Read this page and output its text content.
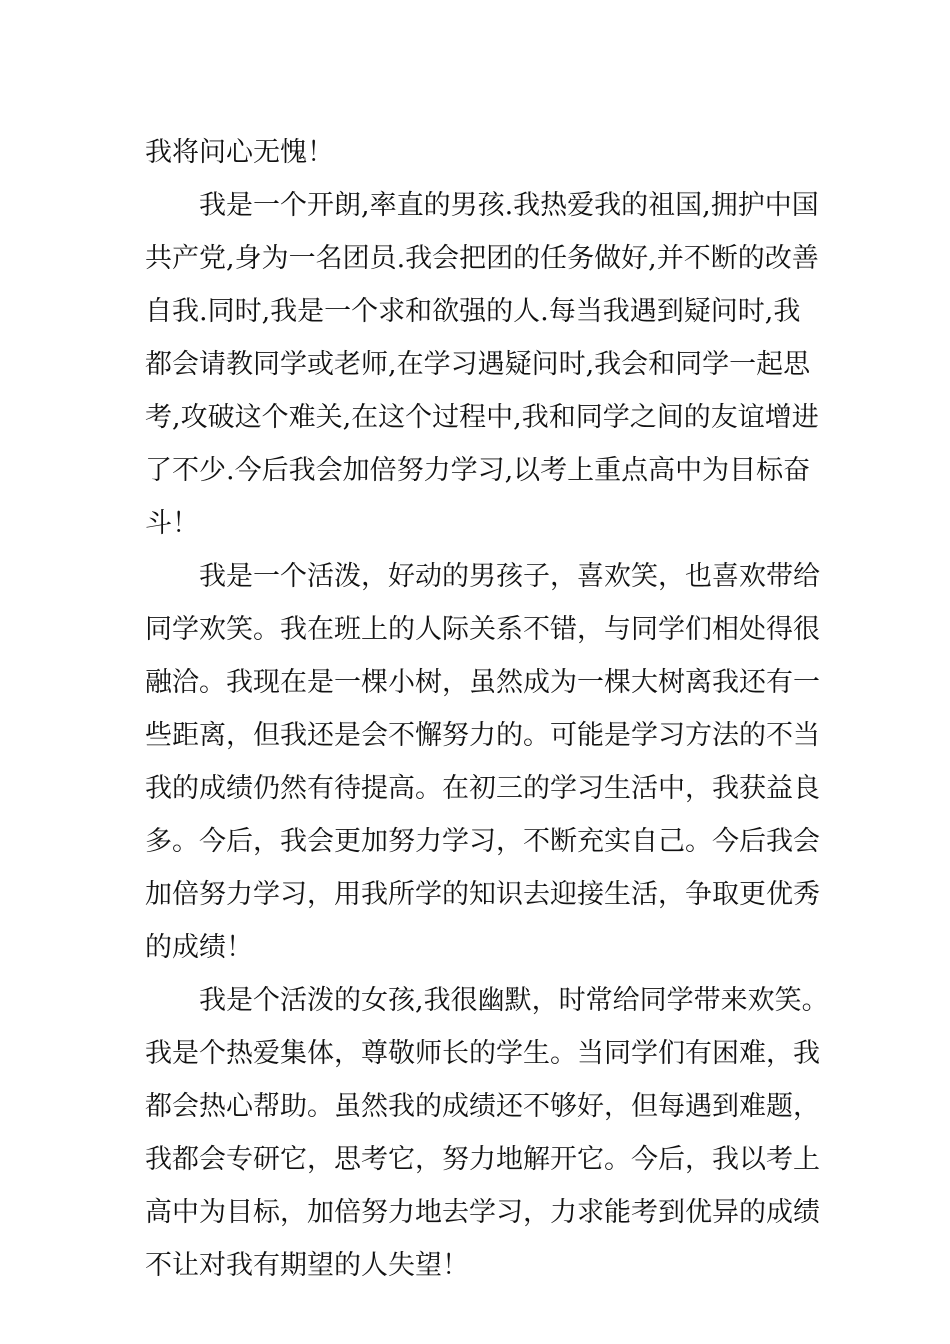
我将问心无愧！
我是一个开朗,率直的男孩.我热爱我的祖国,拥护中国
共产党,身为一名团员.我会把团的任务做好,并不断的改善
自我.同时,我是一个求和欲强的人.每当我遇到疑问时,我
都会请教同学或老师,在学习遇疑问时,我会和同学一起思
考,攻破这个难关,在这个过程中,我和同学之间的友谊增进
了不少.今后我会加倍努力学习,以考上重点高中为目标奋
斗！
我是一个活泼，好动的男孩子，喜欢笑，也喜欢带给
同学欢笑。我在班上的人际关系不错，与同学们相处得很
融洽。我现在是一棵小树，虽然成为一棵大树离我还有一
些距离，但我还是会不懈努力的。可能是学习方法的不当
我的成绩仍然有待提高。在初三的学习生活中，我获益良
多。今后，我会更加努力学习，不断充实自己。今后我会
加倍努力学习，用我所学的知识去迎接生活，争取更优秀
的成绩！
我是个活泼的女孩,我很幽默，时常给同学带来欢笑。
我是个热爱集体，尊敬师长的学生。当同学们有困难，我
都会热心帮助。虽然我的成绩还不够好，但每遇到难题，
我都会专研它，思考它，努力地解开它。今后，我以考上
高中为目标，加倍努力地去学习，力求能考到优异的成绩
不让对我有期望的人失望！
